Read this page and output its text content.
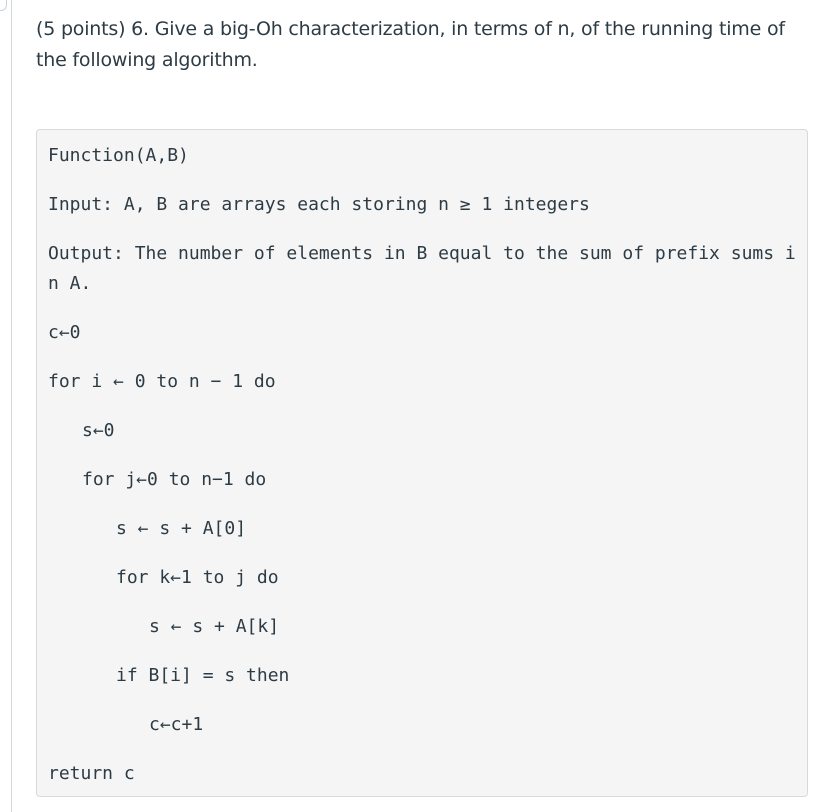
(5 points) 6. Give a big-Oh characterization, in terms of n, of the running time of the following algorithm.
Function(A,B)
Input: A, B are arrays each storing n ≥ 1 integers
Output: The number of elements in B equal to the sum of prefix sums in A.
c←0
for i ← 0 to n − 1 do
s←0
for j←0 to n−1 do
s ← s + A[0]
for k←1 to j do
s ← s + A[k]
if B[i] = s then
c←c+1
return c
